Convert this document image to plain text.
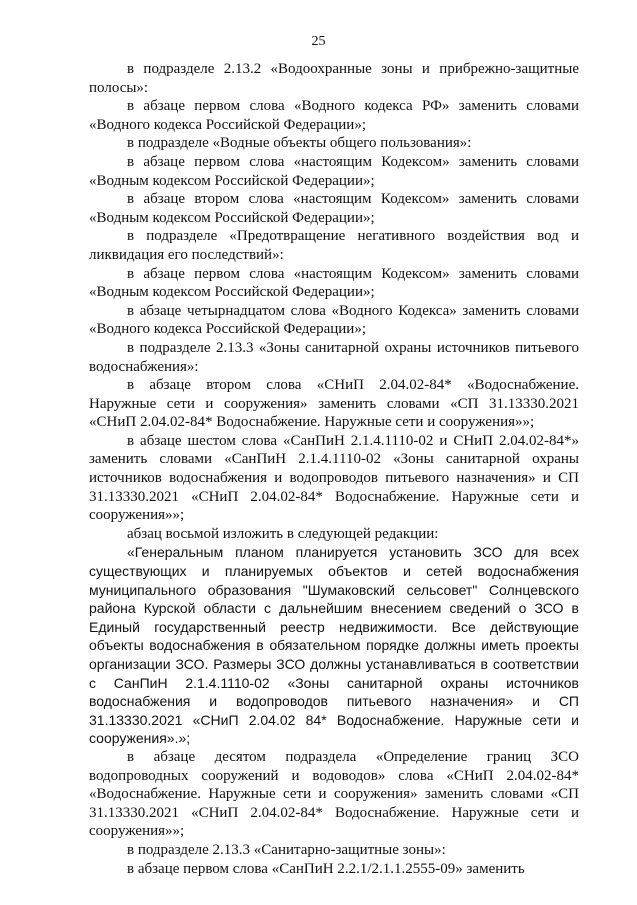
25

в подразделе 2.13.2 «Водоохранные зоны и прибрежно-защитные полосы»:

в абзаце первом слова «Водного кодекса РФ» заменить словами «Водного кодекса Российской Федерации»;

в подразделе «Водные объекты общего пользования»:

в абзаце первом слова «настоящим Кодексом» заменить словами «Водным кодексом Российской Федерации»;

в абзаце втором слова «настоящим Кодексом» заменить словами «Водным кодексом Российской Федерации»;

в подразделе «Предотвращение негативного воздействия вод и ликвидация его последствий»:

в абзаце первом слова «настоящим Кодексом» заменить словами «Водным кодексом Российской Федерации»;

в абзаце четырнадцатом слова «Водного Кодекса» заменить словами «Водного кодекса Российской Федерации»;

в подразделе 2.13.3 «Зоны санитарной охраны источников питьевого водоснабжения»:

в абзаце втором слова «СНиП 2.04.02-84* «Водоснабжение. Наружные сети и сооружения» заменить словами «СП 31.13330.2021 «СНиП 2.04.02-84* Водоснабжение. Наружные сети и сооружения»»;

в абзаце шестом слова «СанПиН 2.1.4.1110-02 и СНиП 2.04.02-84*» заменить словами «СанПиН 2.1.4.1110-02 «Зоны санитарной охраны источников водоснабжения и водопроводов питьевого назначения» и СП 31.13330.2021 «СНиП 2.04.02-84* Водоснабжение. Наружные сети и сооружения»»;

абзац восьмой изложить в следующей редакции:

«Генеральным планом планируется установить ЗСО для всех существующих и планируемых объектов и сетей водоснабжения муниципального образования "Шумаковский сельсовет" Солнцевского района Курской области с дальнейшим внесением сведений о ЗСО в Единый государственный реестр недвижимости. Все действующие объекты водоснабжения в обязательном порядке должны иметь проекты организации ЗСО. Размеры ЗСО должны устанавливаться в соответствии с СанПиН 2.1.4.1110-02 «Зоны санитарной охраны источников водоснабжения и водопроводов питьевого назначения» и СП 31.13330.2021 «СНиП 2.04.02 84* Водоснабжение. Наружные сети и сооружения».»;

в абзаце десятом подраздела «Определение границ ЗСО водопроводных сооружений и водоводов» слова «СНиП 2.04.02-84* «Водоснабжение. Наружные сети и сооружения» заменить словами «СП 31.13330.2021 «СНиП 2.04.02-84* Водоснабжение. Наружные сети и сооружения»»;

в подразделе 2.13.3 «Санитарно-защитные зоны»:

в абзаце первом слова «СанПиН 2.2.1/2.1.1.2555-09» заменить
